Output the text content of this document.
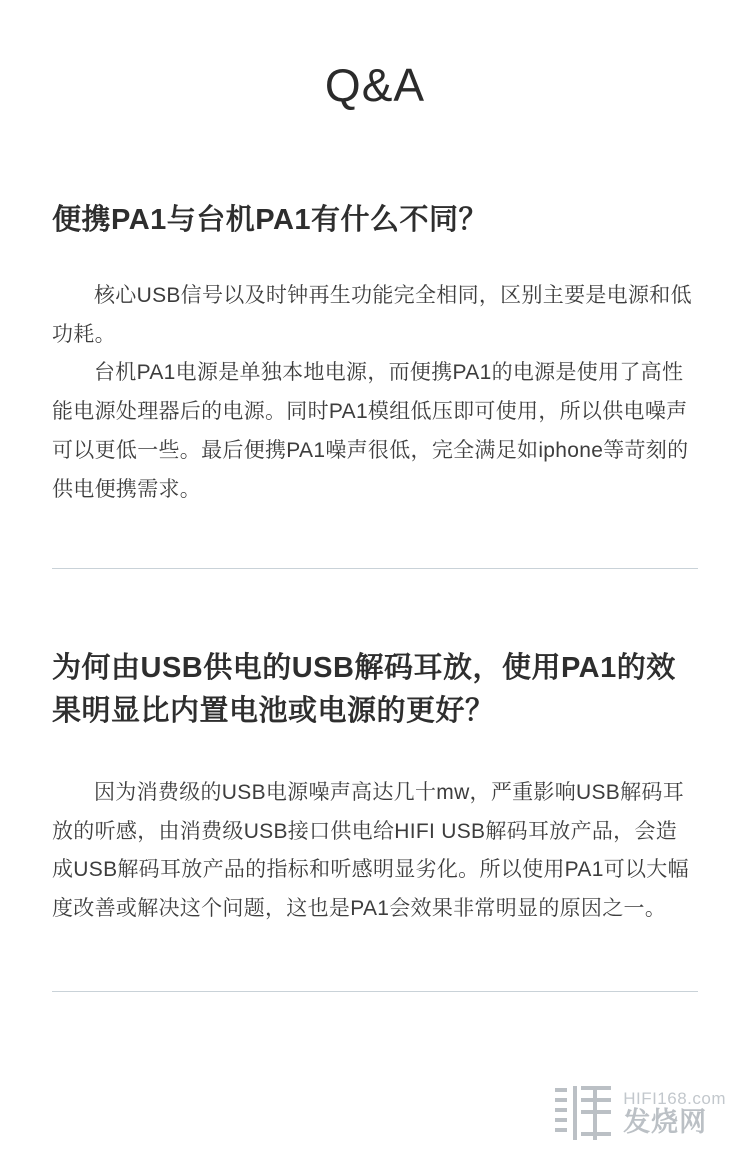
Q&A
便携PA1与台机PA1有什么不同？

核心USB信号以及时钟再生功能完全相同，区别主要是电源和低功耗。

台机PA1电源是单独本地电源，而便携PA1的电源是使用了高性能电源处理器后的电源。同时PA1模组低压即可使用，所以供电噪声可以更低一些。最后便携PA1噪声很低，完全满足如iphone等苛刻的供电便携需求。

为何由USB供电的USB解码耳放，使用PA1的效果明显比内置电池或电源的更好？

因为消费级的USB电源噪声高达几十mw，严重影响USB解码耳放的听感，由消费级USB接口供电给HIFI USB解码耳放产品，会造成USB解码耳放产品的指标和听感明显劣化。所以使用PA1可以大幅度改善或解决这个问题，这也是PA1会效果非常明显的原因之一。

HIFI168.com
发烧网
